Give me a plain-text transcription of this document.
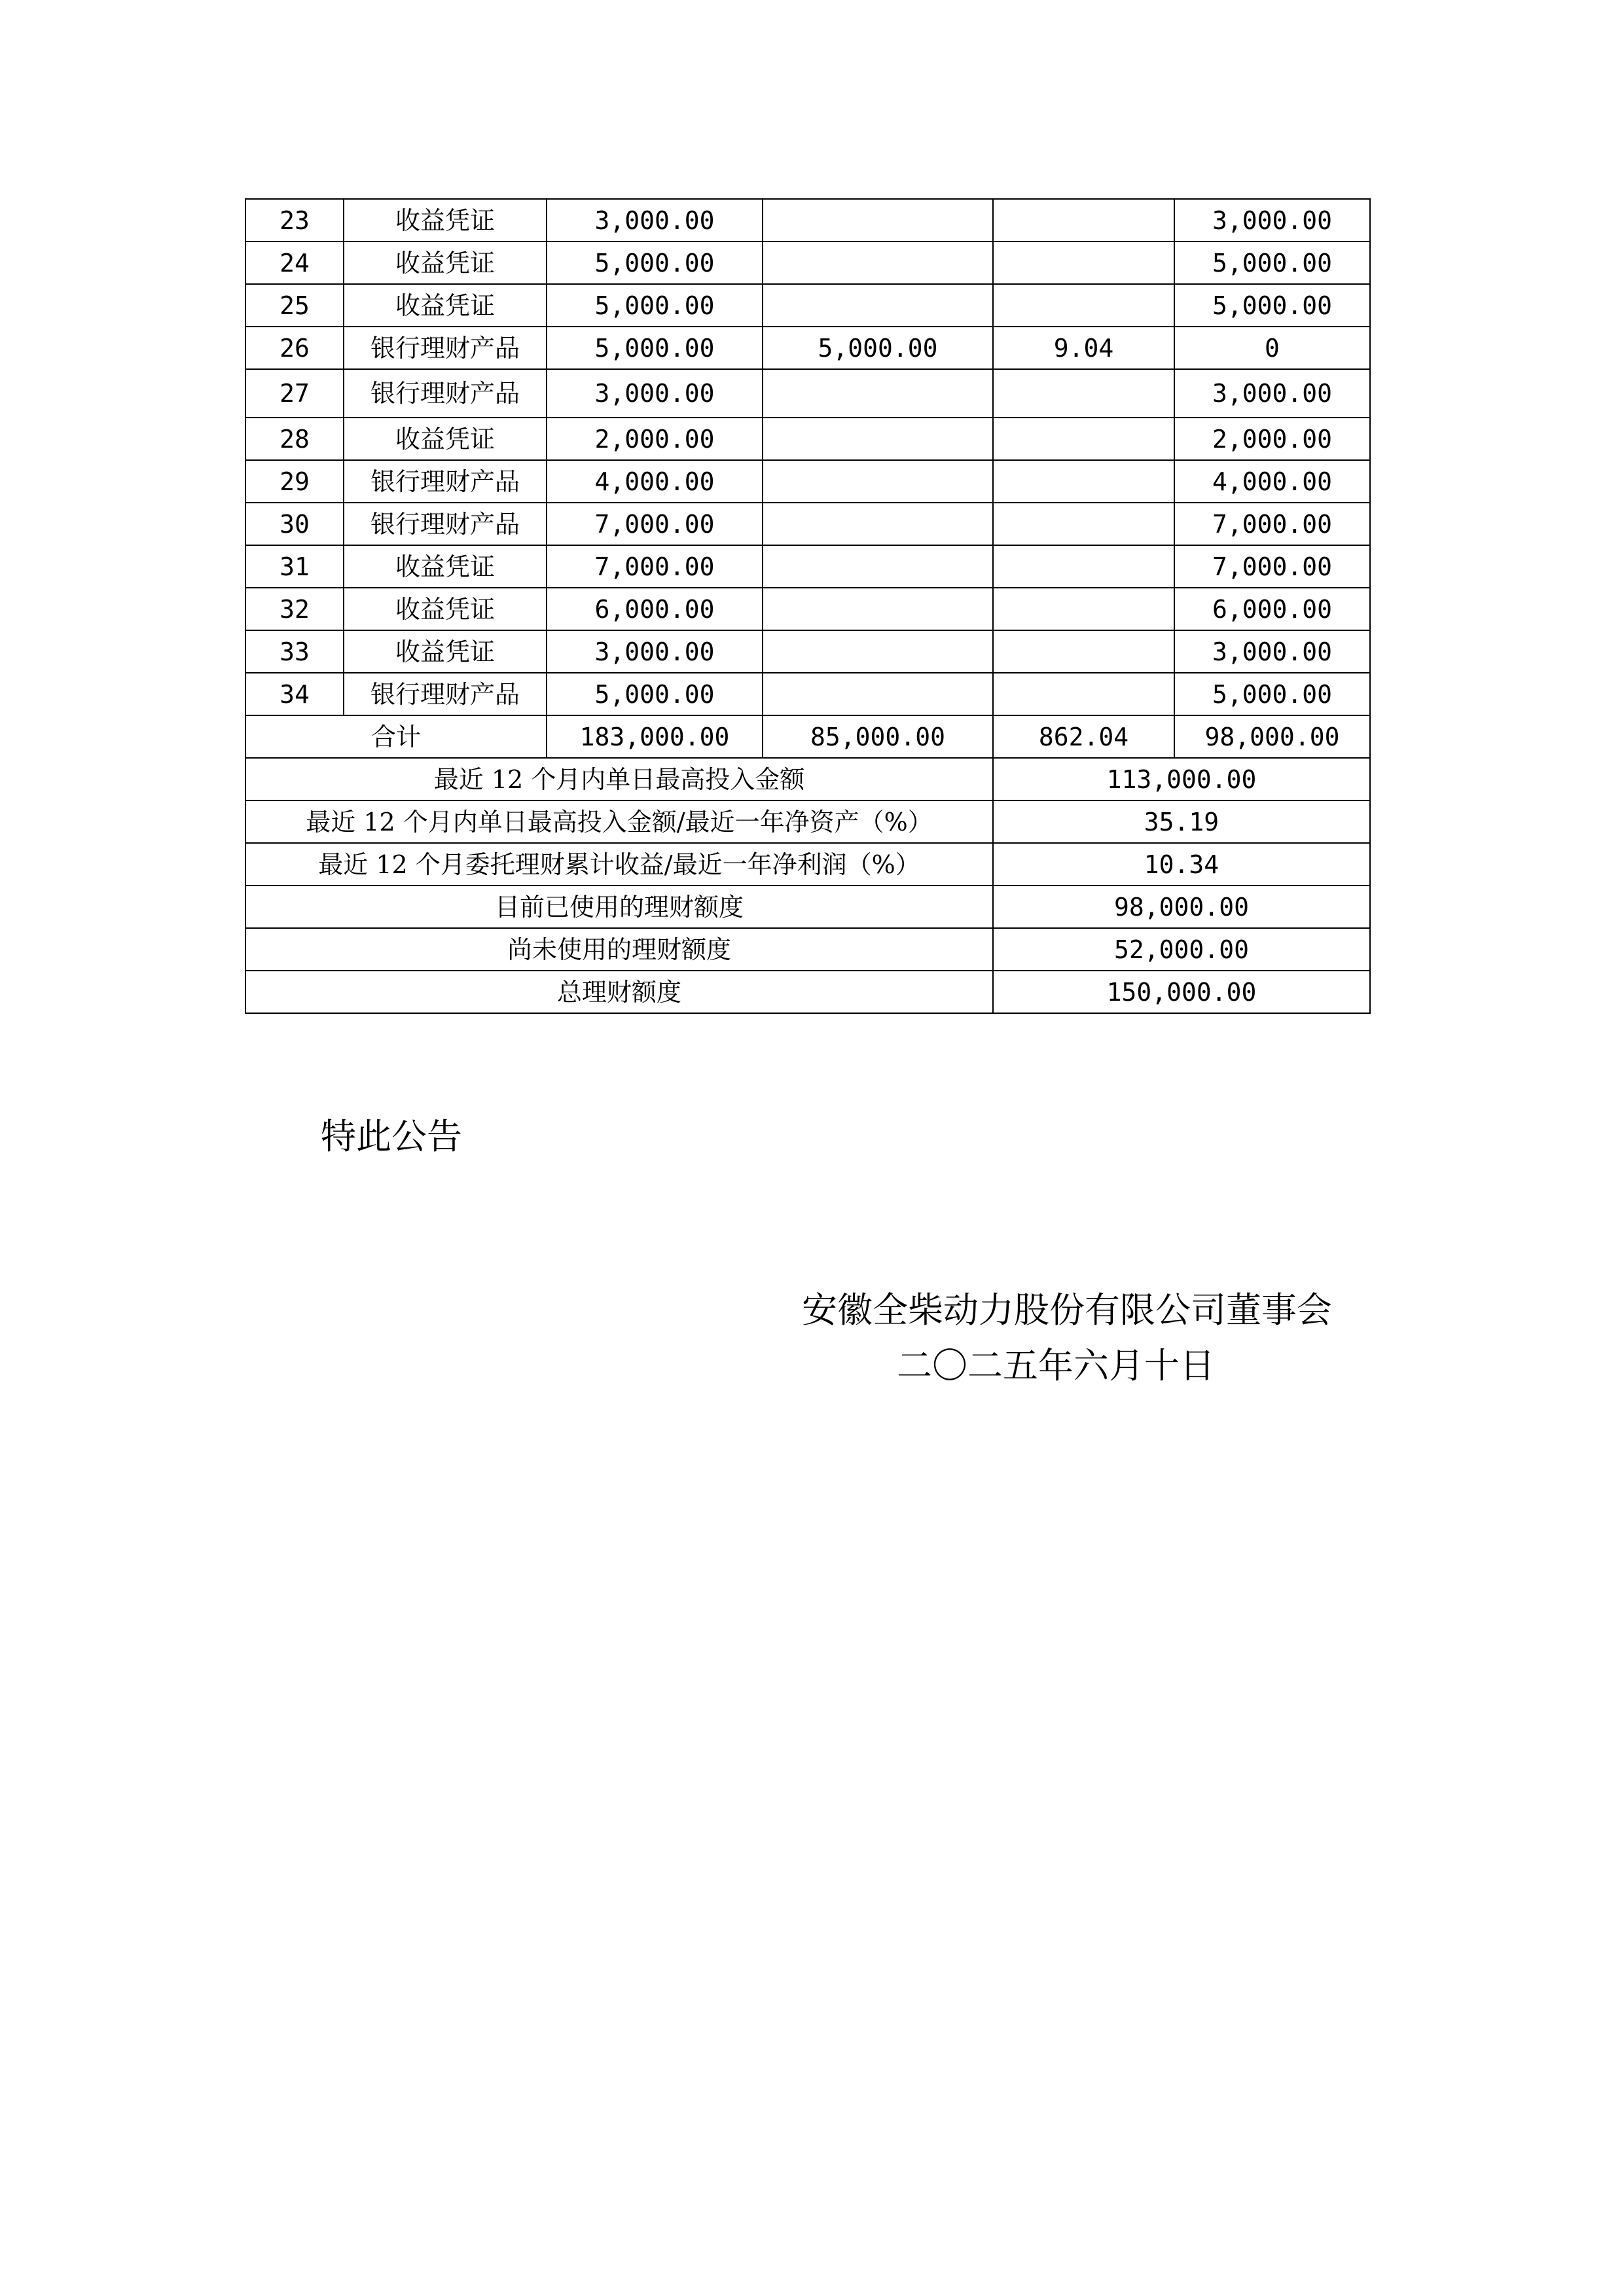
23	收益凭证	3,000.00			3,000.00
24	收益凭证	5,000.00			5,000.00
25	收益凭证	5,000.00			5,000.00
26	银行理财产品	5,000.00	5,000.00	9.04	0
27	银行理财产品	3,000.00			3,000.00
28	收益凭证	2,000.00			2,000.00
29	银行理财产品	4,000.00			4,000.00
30	银行理财产品	7,000.00			7,000.00
31	收益凭证	7,000.00			7,000.00
32	收益凭证	6,000.00			6,000.00
33	收益凭证	3,000.00			3,000.00
34	银行理财产品	5,000.00			5,000.00
合计		183,000.00	85,000.00	862.04	98,000.00
最近 12 个月内单日最高投入金额				113,000.00	
最近 12 个月内单日最高投入金额/最近一年净资产（%）				35.19	
最近 12 个月委托理财累计收益/最近一年净利润（%）				10.34	
目前已使用的理财额度				98,000.00	
尚未使用的理财额度				52,000.00	
总理财额度				150,000.00	
特此公告
安徽全柴动力股份有限公司董事会
二〇二五年六月十日
